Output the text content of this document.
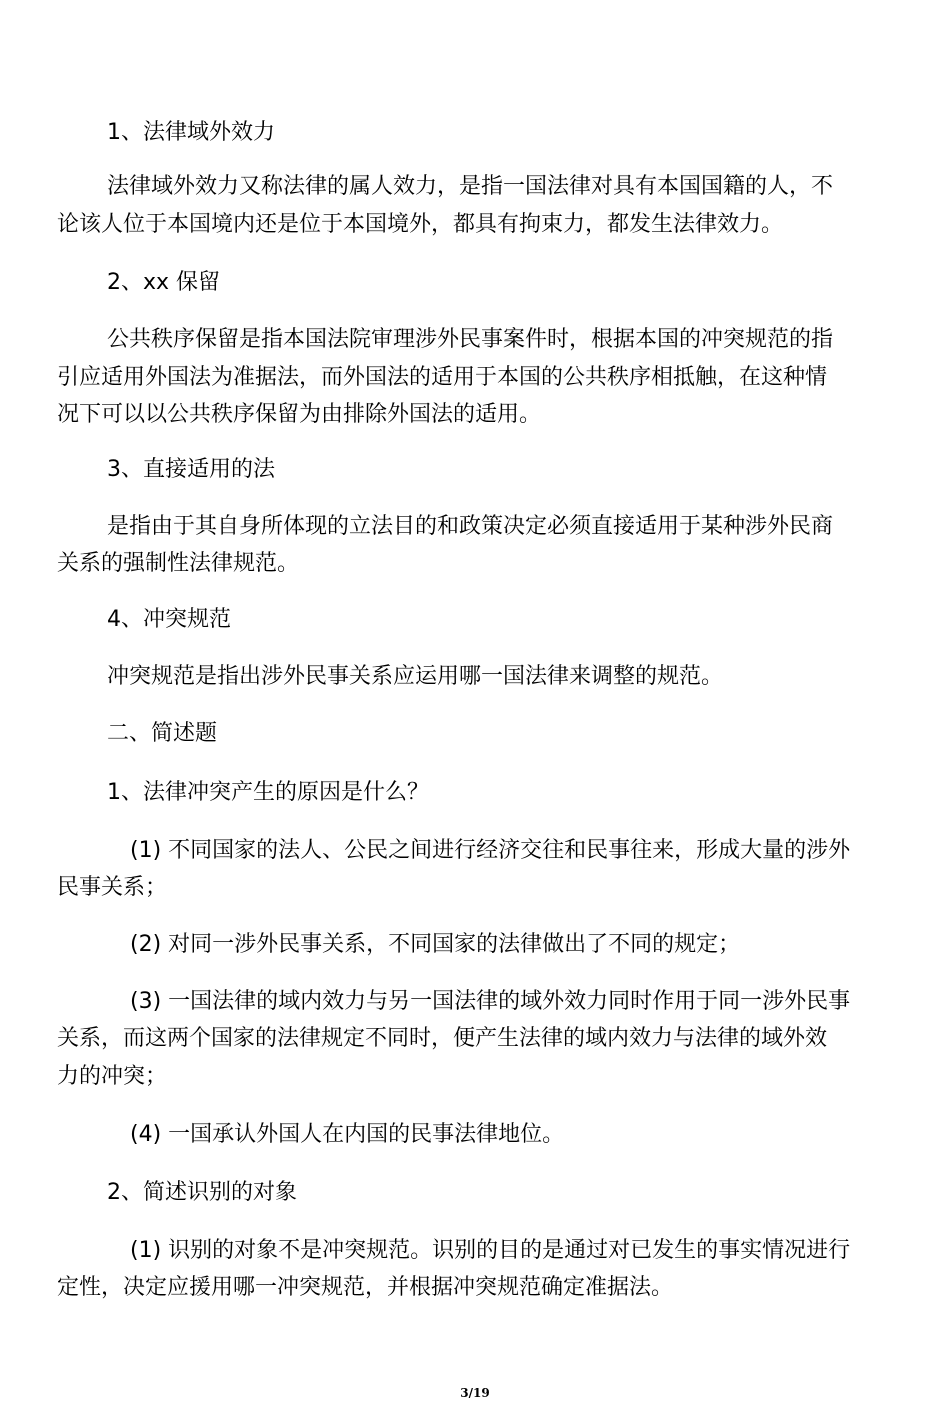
1、法律域外效力

法律域外效力又称法律的属人效力，是指一国法律对具有本国国籍的人，不

论该人位于本国境内还是位于本国境外，都具有拘束力，都发生法律效力。

2、xx 保留

公共秩序保留是指本国法院审理涉外民事案件时，根据本国的冲突规范的指

引应适用外国法为准据法，而外国法的适用于本国的公共秩序相抵触，在这种情

况下可以以公共秩序保留为由排除外国法的适用。

3、直接适用的法

是指由于其自身所体现的立法目的和政策决定必须直接适用于某种涉外民商

关系的强制性法律规范。

4、冲突规范

冲突规范是指出涉外民事关系应运用哪一国法律来调整的规范。

二、简述题

1、法律冲突产生的原因是什么？

(1) 不同国家的法人、公民之间进行经济交往和民事往来，形成大量的涉外

民事关系；

(2) 对同一涉外民事关系，不同国家的法律做出了不同的规定；

(3) 一国法律的域内效力与另一国法律的域外效力同时作用于同一涉外民事

关系，而这两个国家的法律规定不同时，便产生法律的域内效力与法律的域外效

力的冲突；

(4) 一国承认外国人在内国的民事法律地位。

2、简述识别的对象

(1) 识别的对象不是冲突规范。识别的目的是通过对已发生的事实情况进行

定性，决定应援用哪一冲突规范，并根据冲突规范确定准据法。

3/19
